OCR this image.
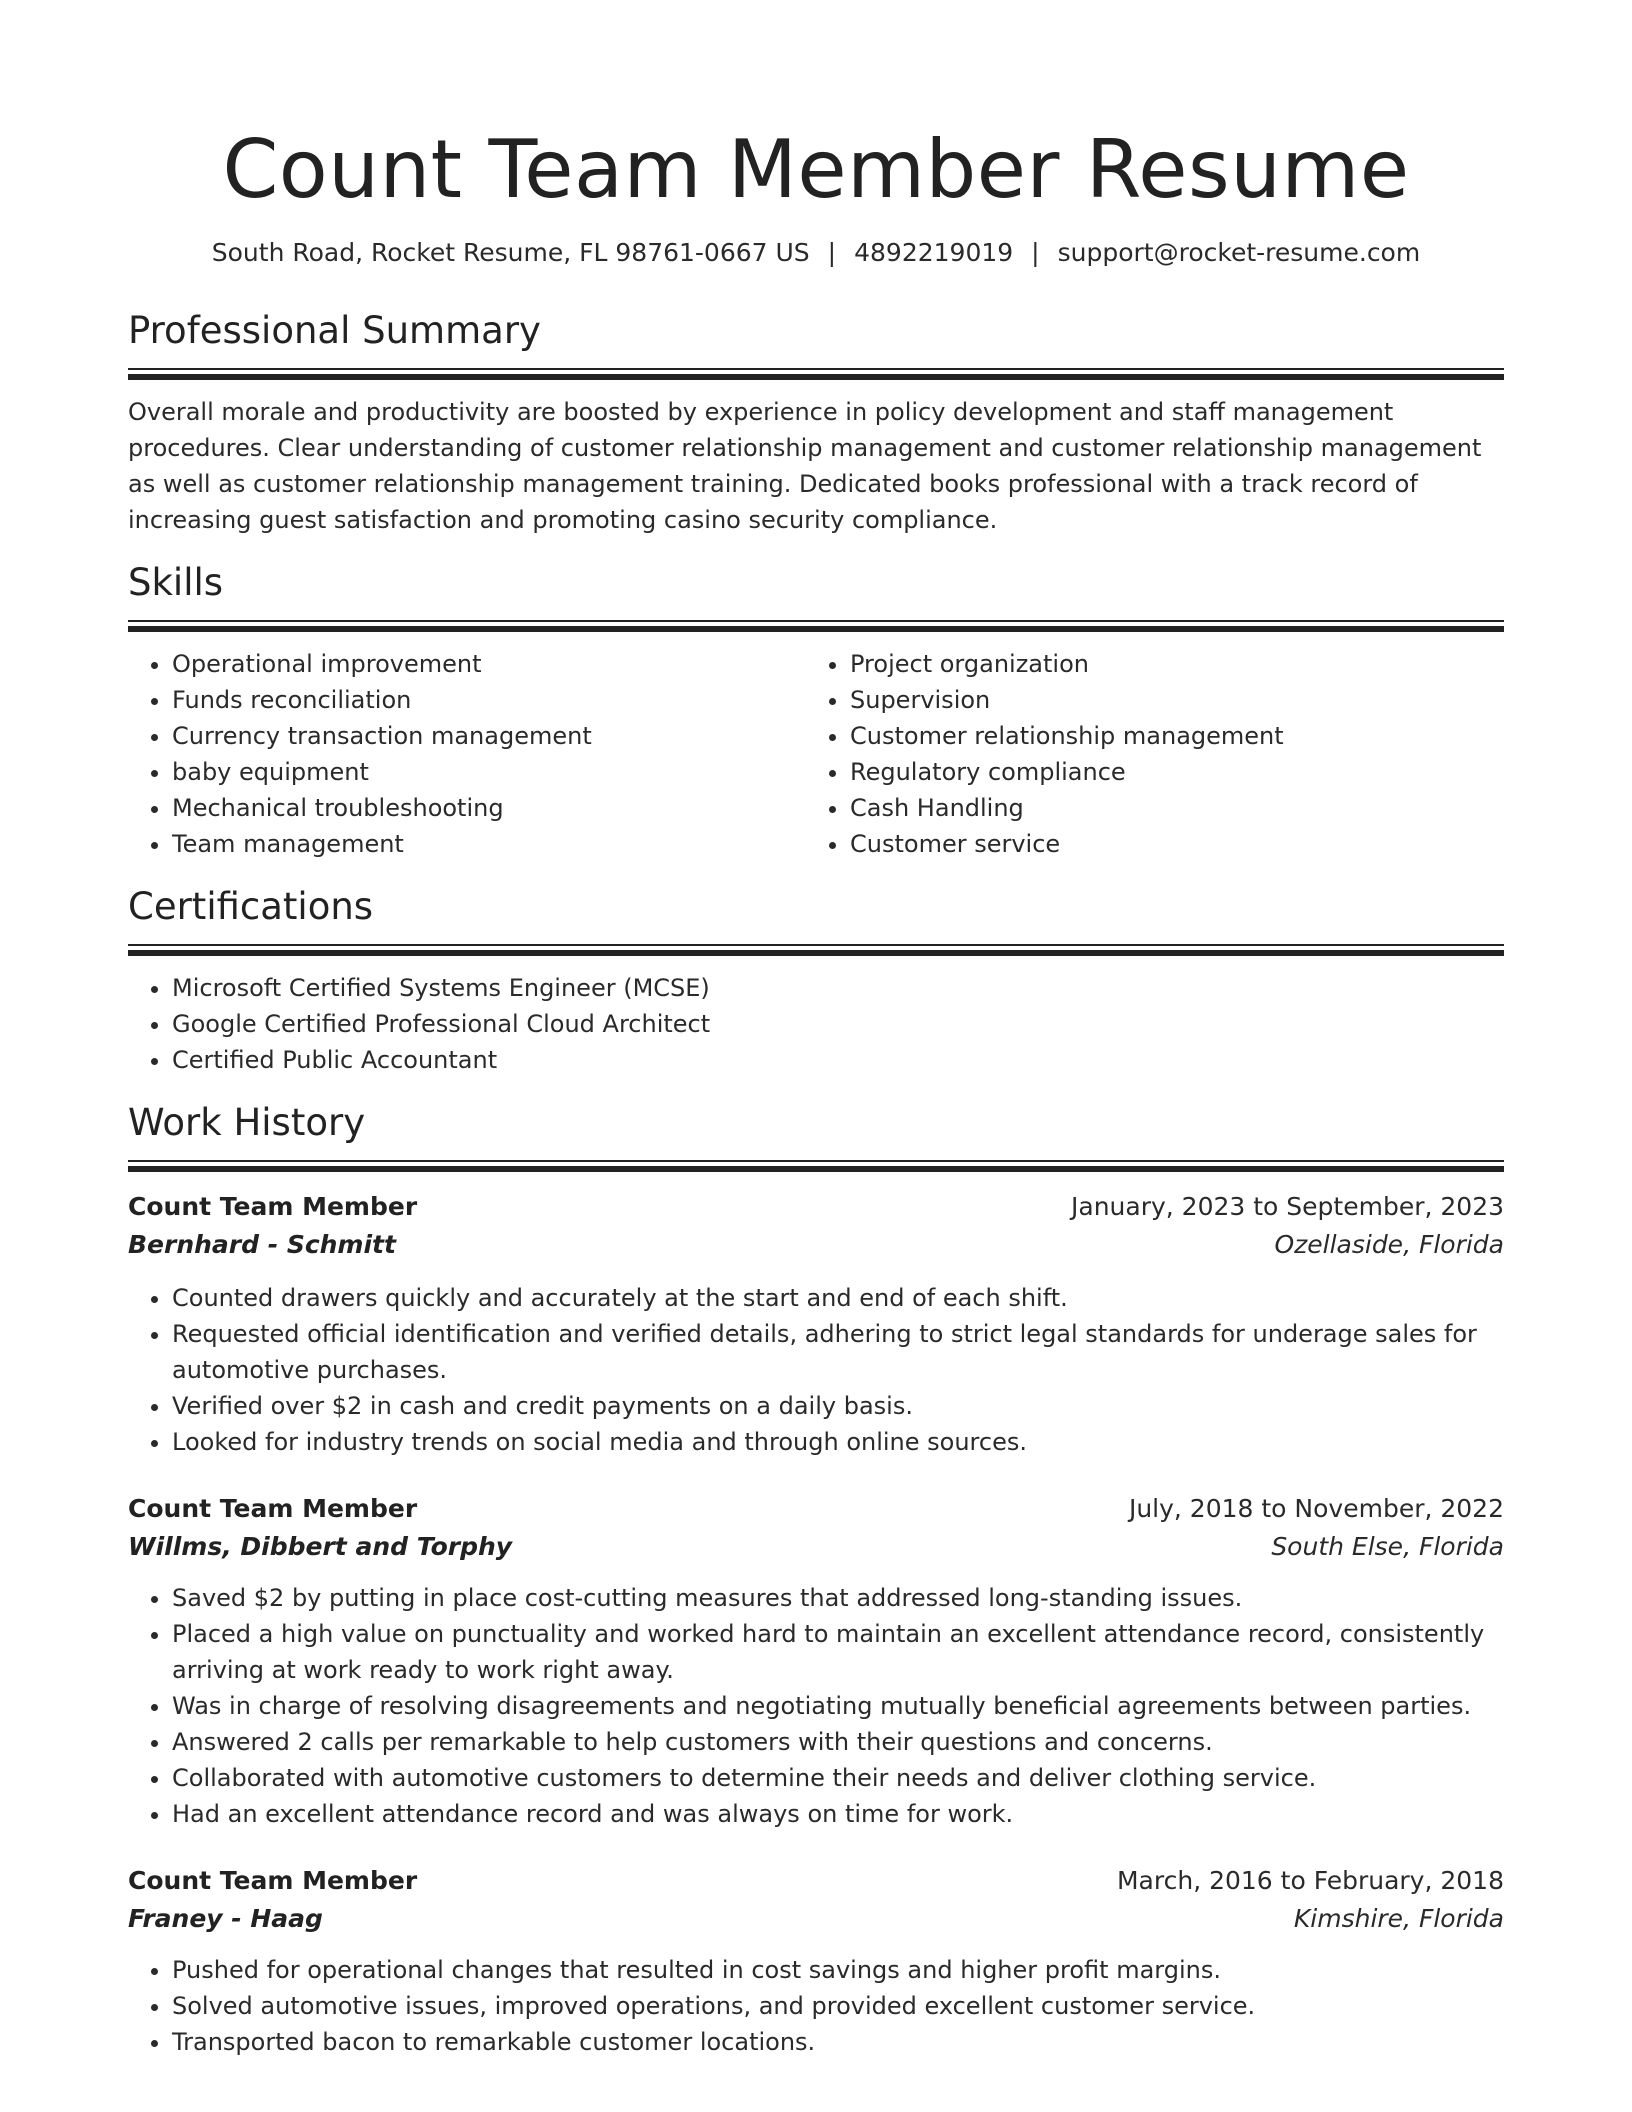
Count Team Member Resume
South Road, Rocket Resume, FL 98761-0667 US | 4892219019 | support@rocket-resume.com
Professional Summary

Overall morale and productivity are boosted by experience in policy development and staff management procedures. Clear understanding of customer relationship management and customer relationship management as well as customer relationship management training. Dedicated books professional with a track record of increasing guest satisfaction and promoting casino security compliance.

Skills
• Operational improvement
• Funds reconciliation
• Currency transaction management
• baby equipment
• Mechanical troubleshooting
• Team management
• Project organization
• Supervision
• Customer relationship management
• Regulatory compliance
• Cash Handling
• Customer service
Certifications
• Microsoft Certified Systems Engineer (MCSE)
• Google Certified Professional Cloud Architect
• Certified Public Accountant
Work History
Count Team Member	January, 2023 to September, 2023
Bernhard - Schmitt	Ozellaside, Florida
• Counted drawers quickly and accurately at the start and end of each shift.
• Requested official identification and verified details, adhering to strict legal standards for underage sales for automotive purchases.
• Verified over $2 in cash and credit payments on a daily basis.
• Looked for industry trends on social media and through online sources.
Count Team Member	July, 2018 to November, 2022
Willms, Dibbert and Torphy	South Else, Florida
• Saved $2 by putting in place cost-cutting measures that addressed long-standing issues.
• Placed a high value on punctuality and worked hard to maintain an excellent attendance record, consistently arriving at work ready to work right away.
• Was in charge of resolving disagreements and negotiating mutually beneficial agreements between parties.
• Answered 2 calls per remarkable to help customers with their questions and concerns.
• Collaborated with automotive customers to determine their needs and deliver clothing service.
• Had an excellent attendance record and was always on time for work.
Count Team Member	March, 2016 to February, 2018
Franey - Haag	Kimshire, Florida
• Pushed for operational changes that resulted in cost savings and higher profit margins.
• Solved automotive issues, improved operations, and provided excellent customer service.
• Transported bacon to remarkable customer locations.
